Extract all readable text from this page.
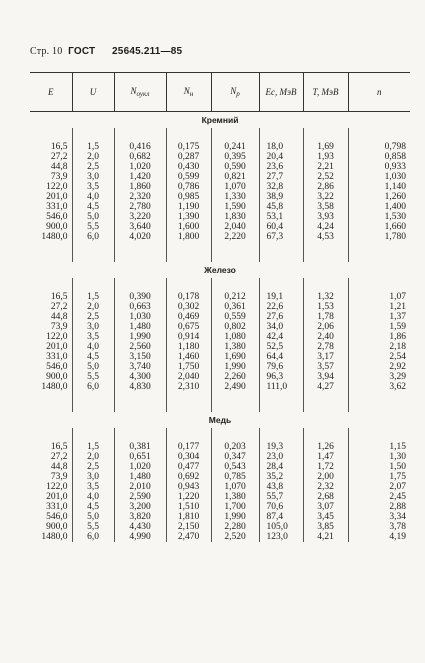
Стр. 10 ГОСТ 25645.211—85
E	U	$N_{оукл}$	$N_н$	$N_p$	Eс, МэВ	Т, МэВ	n
Кремний							

16,5	1,5	0,416	0,175	0,241	18,0	1,69	0,798
27,2	2,0	0,682	0,287	0,395	20,4	1,93	0,858
44,8	2,5	1,020	0,430	0,590	23,6	2,21	0,933
73,9	3,0	1,420	0,599	0,821	27,7	2,52	1,030
122,0	3,5	1,860	0,786	1,070	32,8	2,86	1,140
201,0	4,0	2,320	0,985	1,330	38,9	3,22	1,260
331,0	4,5	2,780	1,190	1,590	45,8	3,58	1,400
546,0	5,0	3,220	1,390	1,830	53,1	3,93	1,530
900,0	5,5	3,640	1,600	2,040	60,4	4,24	1,660
1480,0	6,0	4,020	1,800	2,220	67,3	4,53	1,780

Железо							

16,5	1,5	0,390	0,178	0,212	19,1	1,32	1,07
27,2	2,0	0,663	0,302	0,361	22,6	1,53	1,21
44,8	2,5	1,030	0,469	0,559	27,6	1,78	1,37
73,9	3,0	1,480	0,675	0,802	34,0	2,06	1,59
122,0	3,5	1,990	0,914	1,080	42,4	2,40	1,86
201,0	4,0	2,560	1,180	1,380	52,5	2,78	2,18
331,0	4,5	3,150	1,460	1,690	64,4	3,17	2,54
546,0	5,0	3,740	1,750	1,990	79,6	3,57	2,92
900,0	5,5	4,300	2,040	2,260	96,3	3,94	3,29
1480,0	6,0	4,830	2,310	2,490	111,0	4,27	3,62

Медь							

16,5	1,5	0,381	0,177	0,203	19,3	1,26	1,15
27,2	2,0	0,651	0,304	0,347	23,0	1,47	1,30
44,8	2,5	1,020	0,477	0,543	28,4	1,72	1,50
73,9	3,0	1,480	0,692	0,785	35,2	2,00	1,75
122,0	3,5	2,010	0,943	1,070	43,8	2,32	2,07
201,0	4,0	2,590	1,220	1,380	55,7	2,68	2,45
331,0	4,5	3,200	1,510	1,700	70,6	3,07	2,88
546,0	5,0	3,820	1,810	1,990	87,4	3,45	3,34
900,0	5,5	4,430	2,150	2,280	105,0	3,85	3,78
1480,0	6,0	4,990	2,470	2,520	123,0	4,21	4,19
